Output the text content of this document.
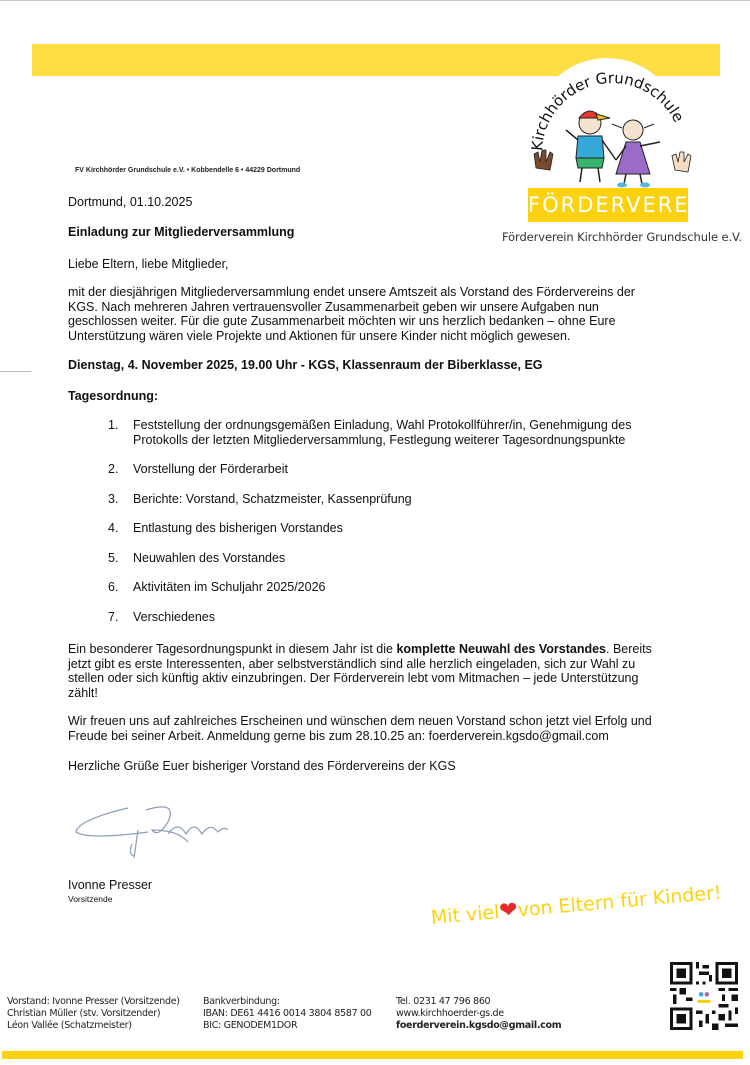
Kirchhörder Grundschule
FÖRDERVEREIN
Förderverein Kirchhörder Grundschule e.V.
FV Kirchhörder Grundschule e.V. • Kobbendelle 6 • 44229 Dortmund
Dortmund, 01.10.2025
Einladung zur Mitgliederversammlung
Liebe Eltern, liebe Mitglieder,
mit der diesjährigen Mitgliederversammlung endet unsere Amtszeit als Vorstand des Fördervereins der KGS. Nach mehreren Jahren vertrauensvoller Zusammenarbeit geben wir unsere Aufgaben nun geschlossen weiter. Für die gute Zusammenarbeit möchten wir uns herzlich bedanken – ohne Eure Unterstützung wären viele Projekte und Aktionen für unsere Kinder nicht möglich gewesen.
Dienstag, 4. November 2025, 19.00 Uhr - KGS, Klassenraum der Biberklasse, EG
Tagesordnung:
1.	Feststellung der ordnungsgemäßen Einladung, Wahl Protokollführer/in, Genehmigung des Protokolls der letzten Mitgliederversammlung, Festlegung weiterer Tagesordnungspunkte
2.	Vorstellung der Förderarbeit
3.	Berichte: Vorstand, Schatzmeister, Kassenprüfung
4.	Entlastung des bisherigen Vorstandes
5.	Neuwahlen des Vorstandes
6.	Aktivitäten im Schuljahr 2025/2026
7.	Verschiedenes
Ein besonderer Tagesordnungspunkt in diesem Jahr ist die komplette Neuwahl des Vorstandes. Bereits jetzt gibt es erste Interessenten, aber selbstverständlich sind alle herzlich eingeladen, sich zur Wahl zu stellen oder sich künftig aktiv einzubringen. Der Förderverein lebt vom Mitmachen – jede Unterstützung zählt!
Wir freuen uns auf zahlreiches Erscheinen und wünschen dem neuen Vorstand schon jetzt viel Erfolg und Freude bei seiner Arbeit. Anmeldung gerne bis zum 28.10.25 an: foerderverein.kgsdo@gmail.com
Herzliche Grüße Euer bisheriger Vorstand des Fördervereins der KGS
Ivonne Presser
Vorsitzende
Mit viel❤von Eltern für Kinder!
Vorstand: Ivonne Presser (Vorsitzende)
Christian Müller (stv. Vorsitzender)
Léon Vallée (Schatzmeister)
Bankverbindung:
IBAN: DE61 4416 0014 3804 8587 00
BIC: GENODEM1DOR
Tel. 0231 47 796 860
www.kirchhoerder-gs.de
foerderverein.kgsdo@gmail.com
